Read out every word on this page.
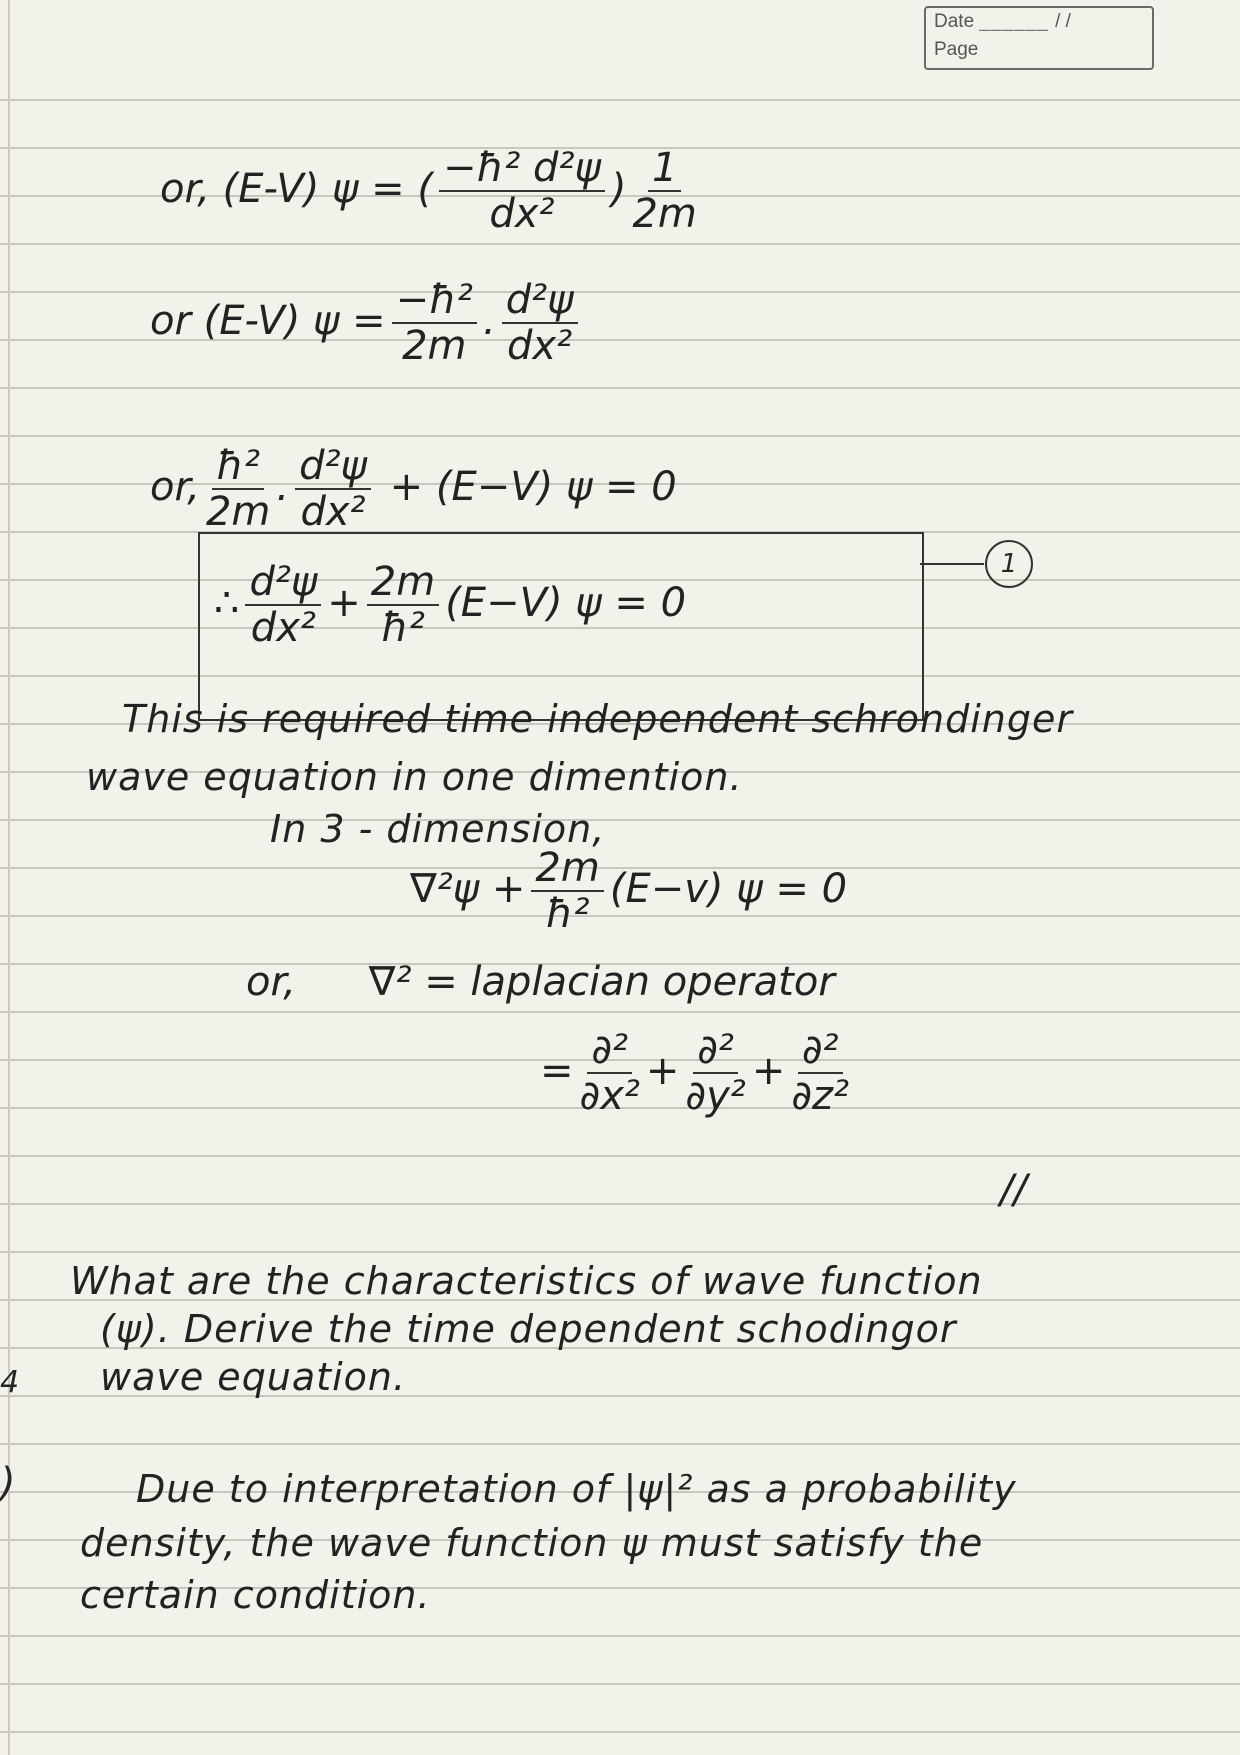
Date ______ / /
Page
or, (E-V) ψ = ( $\frac{\text{−ħ² d²ψ}}{\text{dx²}}$ ) $\frac{1}{2m}$
or (E-V) $\psi = \frac{\text{−ħ²}}{2m}$ . $\frac{\text{d²ψ}}{\text{dx²}}$
or, $\frac{\text{ħ²}}{2m}$ . $\frac{\text{d²ψ}}{\text{dx²}} + (E-V) \psi = 0$
∴ $\frac{\text{d²ψ}}{\text{dx²}} + \frac{2m}{\text{ħ²}} (E-V) \psi = 0$
1
This is required time independent schrondinger
wave equation in one dimention.
In 3 - dimension,
$\nabla^2\psi + \frac{2m}{\text{ħ²}} (E-v) \psi = 0$
or, ∇² = laplacian operator
= $\frac{\text{∂²}}{\text{∂x²}} + \frac{\text{∂²}}{\text{∂y²}} + \frac{\text{∂²}}{\text{∂z²}}$
//
4
What are the characteristics of wave function
(ψ). Derive the time dependent schodingor
wave equation.
)	Due to interpretation of |ψ|² as a probability
density, the wave function ψ must satisfy the
certain condition.
